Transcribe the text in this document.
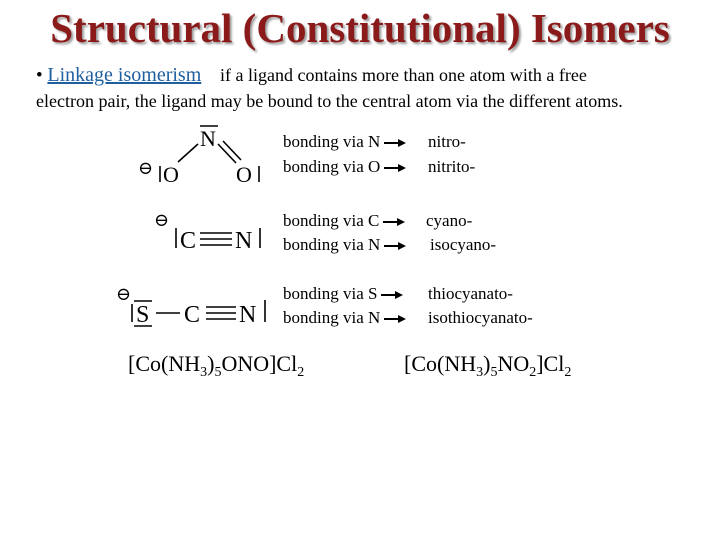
Structural (Constitutional) Isomers
• Linkage isomerism if a ligand contains more than one atom with a free
electron pair, the ligand may be bound to the central atom via the different atoms.
N
O	O
⊖
bonding via N	nitro-
bonding via O	nitrito-
⊖
C N
bonding via C	cyano-
bonding via N	isocyano-
⊖
S C N
bonding via S	thiocyanato-
bonding via N	isothiocyanato-
$[Co(NH_3)_5ONO]Cl_2$	$[Co(NH_3)_5NO_2]Cl_2$
